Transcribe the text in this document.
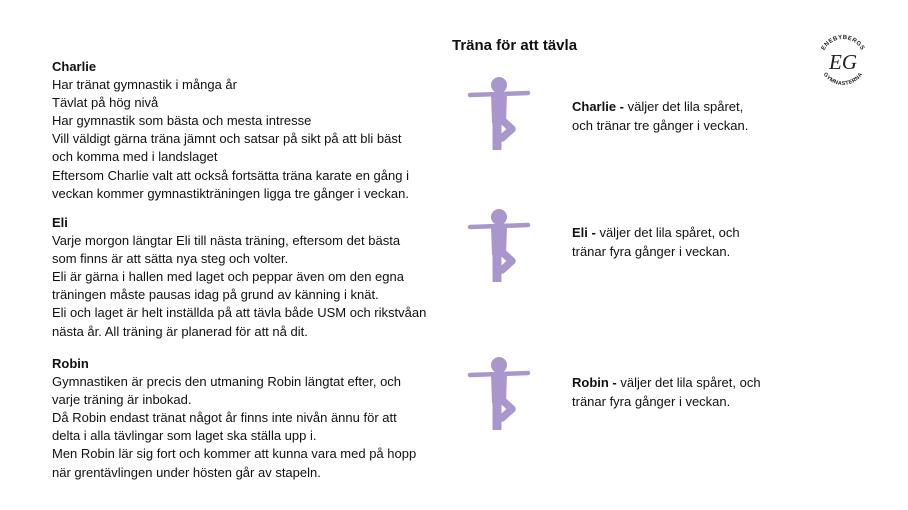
Träna för att tävla	ENEBYBERGS
GYMNASTERNA
EG
Charlie
Har tränat gymnastik i många år
Tävlat på hög nivå
Har gymnastik som bästa och mesta intresse
Vill väldigt gärna träna jämnt och satsar på sikt på att bli bäst
och komma med i landslaget
Eftersom Charlie valt att också fortsätta träna karate en gång i
veckan kommer gymnastikträningen ligga tre gånger i veckan.
Eli
Varje morgon längtar Eli till nästa träning, eftersom det bästa
som finns är att sätta nya steg och volter.
Eli är gärna i hallen med laget och peppar även om den egna
träningen måste pausas idag på grund av känning i knät.
Eli och laget är helt inställda på att tävla både USM och rikstvåan
nästa år. All träning är planerad för att nå dit.
Robin
Gymnastiken är precis den utmaning Robin längtat efter, och
varje träning är inbokad.
Då Robin endast tränat något år finns inte nivån ännu för att
delta i alla tävlingar som laget ska ställa upp i.
Men Robin lär sig fort och kommer att kunna vara med på hopp
när grentävlingen under hösten går av stapeln.
Charlie - väljer det lila spåret,
och tränar tre gånger i veckan.
Eli - väljer det lila spåret, och
tränar fyra gånger i veckan.
Robin - väljer det lila spåret, och
tränar fyra gånger i veckan.
